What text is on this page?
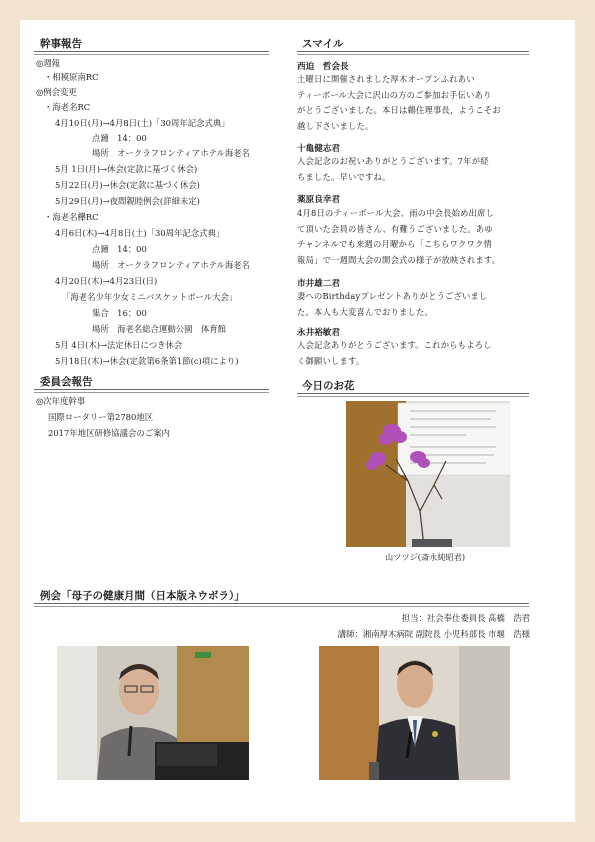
幹事報告
◎週報
・相模原南RC
◎例会変更
・海老名RC
4月10日(月)→4月8日(土)「30周年記念式典」
点鐘　14：00
場所　オークラフロンティアホテル海老名
5月 1日(月)→休会(定款に基づく休会)
5月22日(月)→休会(定款に基づく休会)
5月29日(月)→夜間親睦例会(詳細未定)
・海老名欅RC
4月6日(木)→4月8日(土)「30周年記念式典」
点鐘　14：00
場所　オークラフロンティアホテル海老名
4月20日(木)→4月23日(日)
「海老名少年少女ミニバスケットボール大会」
集合　16：00
場所　海老名総合運動公園　体育館
5月 4日(木)→法定休日につき休会
5月18日(木)→休会(定款第6条第1節(c)項により)
委員会報告
◎次年度幹事
国際ロータリー第2780地区
2017年地区研修協議会のご案内
スマイル
西迫　哲会長
土曜日に開催されました厚木オープンふれあい
ティーボール大会に沢山の方のご参加お手伝いあり
がとうございました。本日は鵜住理事長，ようこそお
越し下さいました。
十亀健志君
入会記念のお祝いありがとうございます。7年が経
ちました。早いですね。
薬原良幸君
4月8日のティーボール大会、雨の中会長始め出席し
て頂いた会員の皆さん、有難うございました。あゆ
チャンネルでも来週の月曜から「こちらワクワク情
報局」で一週間大会の開会式の様子が放映されます。
市井雄二君
妻へのBirthdayプレゼントありがとうございまし
た。本人も大変喜んでおりました。
永井裕敏君
入会記念ありがとうございます。これからもよろし
く御願いします。
今日のお花
山ツツジ(斎永純昭君)
例会「母子の健康月間（日本版ネウボラ）」
担当：社会奉仕委員長 髙橋　浩君
講師：湘南厚木病院 副院長 小児科部長 市堰　浩様
